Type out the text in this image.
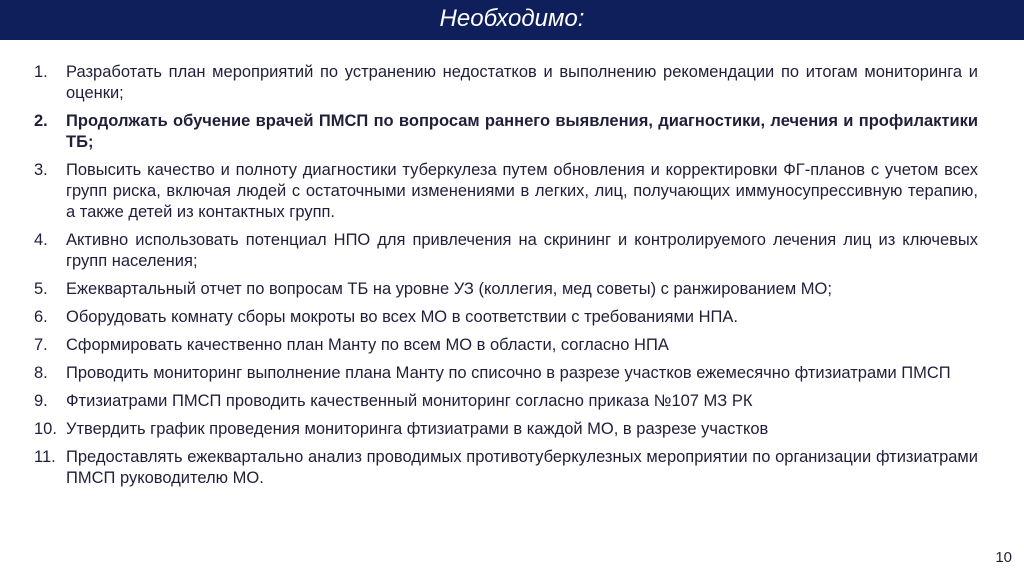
Необходимо:
1.	Разработать план мероприятий по устранению недостатков и выполнению рекомендации по итогам мониторинга и оценки;
2.	Продолжать обучение врачей ПМСП по вопросам раннего выявления, диагностики, лечения и профилактики ТБ;
3.	Повысить качество и полноту диагностики туберкулеза путем обновления и корректировки ФГ-планов с учетом всех групп риска, включая людей с остаточными изменениями в легких, лиц, получающих иммуносупрессивную терапию, а также детей из контактных групп.
4.	Активно использовать потенциал НПО для привлечения на скрининг и контролируемого лечения лиц из ключевых групп населения;
5.	Ежеквартальный отчет по вопросам ТБ на уровне УЗ (коллегия, мед советы) с ранжированием МО;
6.	Оборудовать комнату сборы мокроты во всех МО в соответствии с требованиями НПА.
7.	Сформировать качественно план Манту по всем МО в области, согласно НПА
8.	Проводить мониторинг выполнение плана Манту по списочно в разрезе участков ежемесячно фтизиатрами ПМСП
9.	Фтизиатрами ПМСП проводить качественный мониторинг согласно приказа №107 МЗ РК
10. Утвердить график проведения мониторинга фтизиатрами в каждой МО, в разрезе участков
11. Предоставлять ежеквартально анализ проводимых противотуберкулезных мероприятии по организации фтизиатрами ПМСП руководителю МО.
10
